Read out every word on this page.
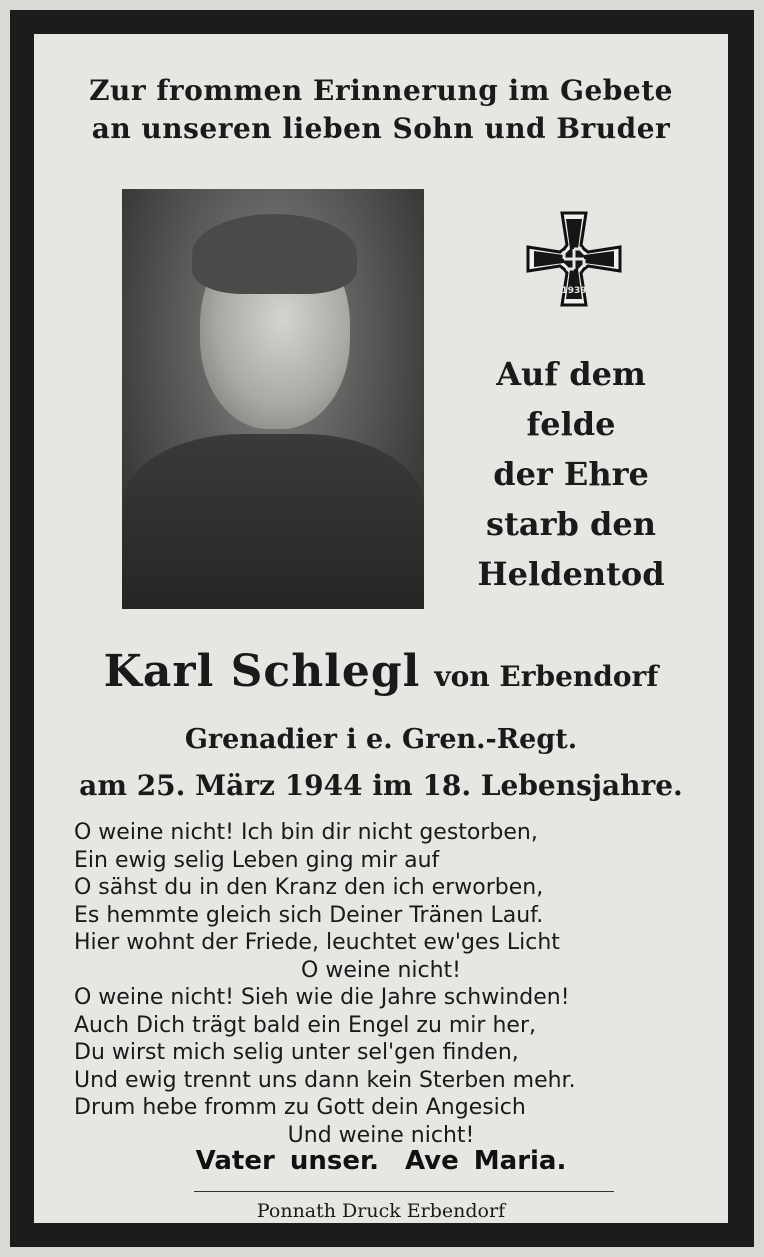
Zur frommen Erinnerung im Gebete
an unseren lieben Sohn und Bruder
1939
Auf dem
felde
der Ehre
starb den
Heldentod
Karl Schlegl von Erbendorf
Grenadier i e. Gren.-Regt.
am 25. März 1944 im 18. Lebensjahre.
O weine nicht! Ich bin dir nicht gestorben,
Ein ewig selig Leben ging mir auf
O sähst du in den Kranz den ich erworben,
Es hemmte gleich sich Deiner Tränen Lauf.
Hier wohnt der Friede, leuchtet ew'ges Licht
O weine nicht!
O weine nicht! Sieh wie die Jahre schwinden!
Auch Dich trägt bald ein Engel zu mir her,
Du wirst mich selig unter sel'gen finden,
Und ewig trennt uns dann kein Sterben mehr.
Drum hebe fromm zu Gott dein Angesich
Und weine nicht!
Vater unser. Ave Maria.
Ponnath Druck Erbendorf
